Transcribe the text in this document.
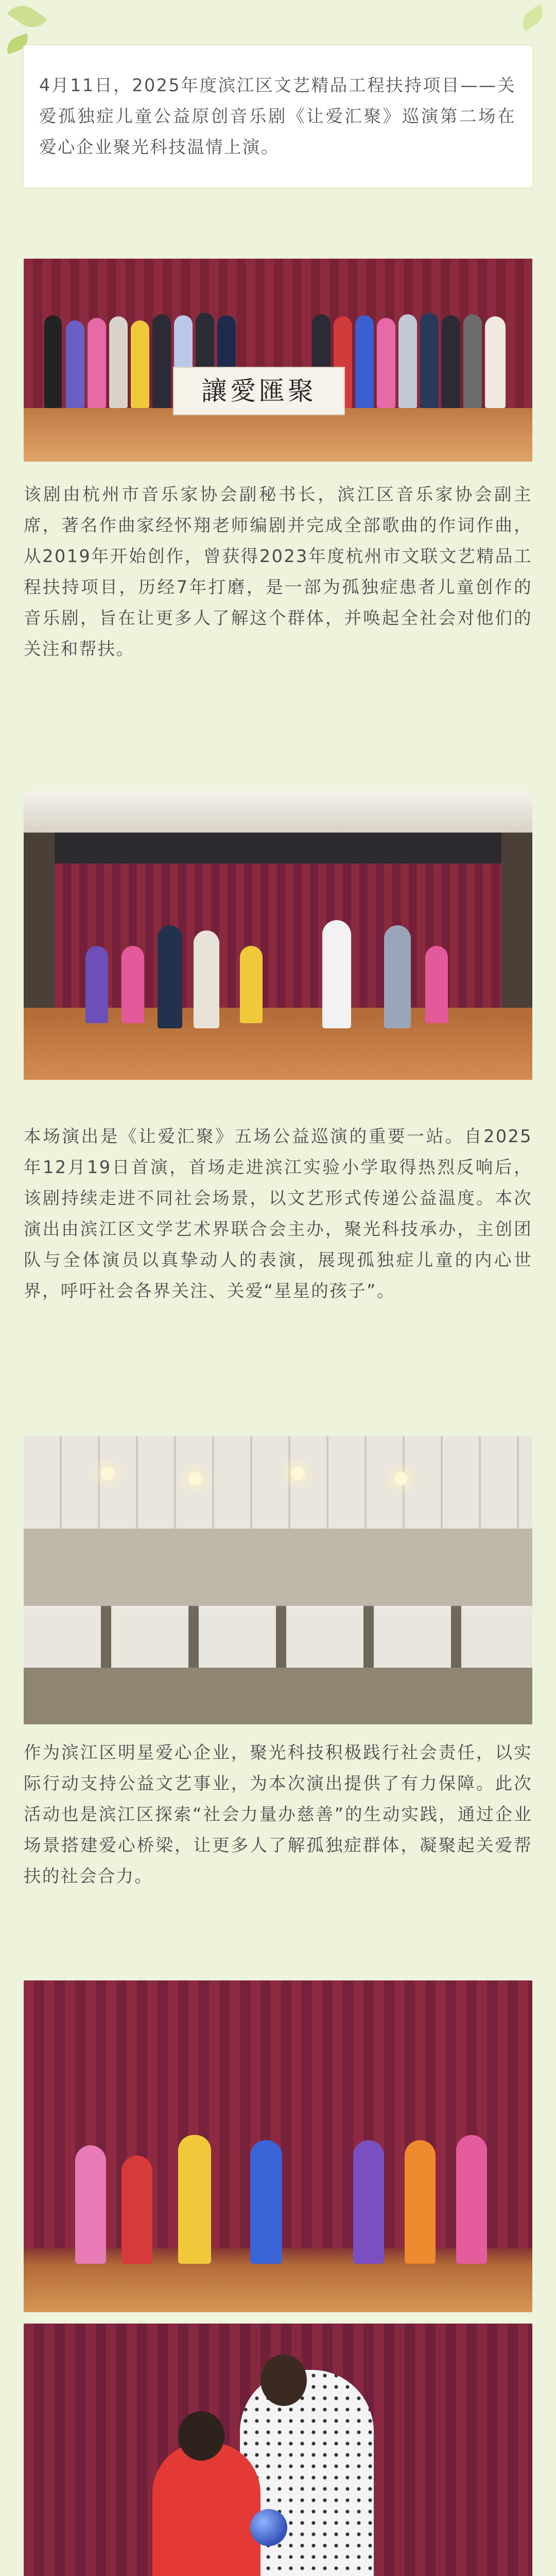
4月11日，2025年度滨江区文艺精品工程扶持项目——关爱孤独症儿童公益原创音乐剧《让爱汇聚》巡演第二场在爱心企业聚光科技温情上演。

讓愛匯聚

该剧由杭州市音乐家协会副秘书长，滨江区音乐家协会副主席，著名作曲家经怀翔老师编剧并完成全部歌曲的作词作曲，从2019年开始创作，曾获得2023年度杭州市文联文艺精品工程扶持项目，历经7年打磨，是一部为孤独症患者儿童创作的音乐剧，旨在让更多人了解这个群体，并唤起全社会对他们的关注和帮扶。

本场演出是《让爱汇聚》五场公益巡演的重要一站。自2025年12月19日首演，首场走进滨江实验小学取得热烈反响后，该剧持续走进不同社会场景，以文艺形式传递公益温度。本次演出由滨江区文学艺术界联合会主办，聚光科技承办，主创团队与全体演员以真挚动人的表演，展现孤独症儿童的内心世界，呼吁社会各界关注、关爱“星星的孩子”。

作为滨江区明星爱心企业，聚光科技积极践行社会责任，以实际行动支持公益文艺事业，为本次演出提供了有力保障。此次活动也是滨江区探索“社会力量办慈善”的生动实践，通过企业场景搭建爱心桥梁，让更多人了解孤独症群体，凝聚起关爱帮扶的社会合力。
